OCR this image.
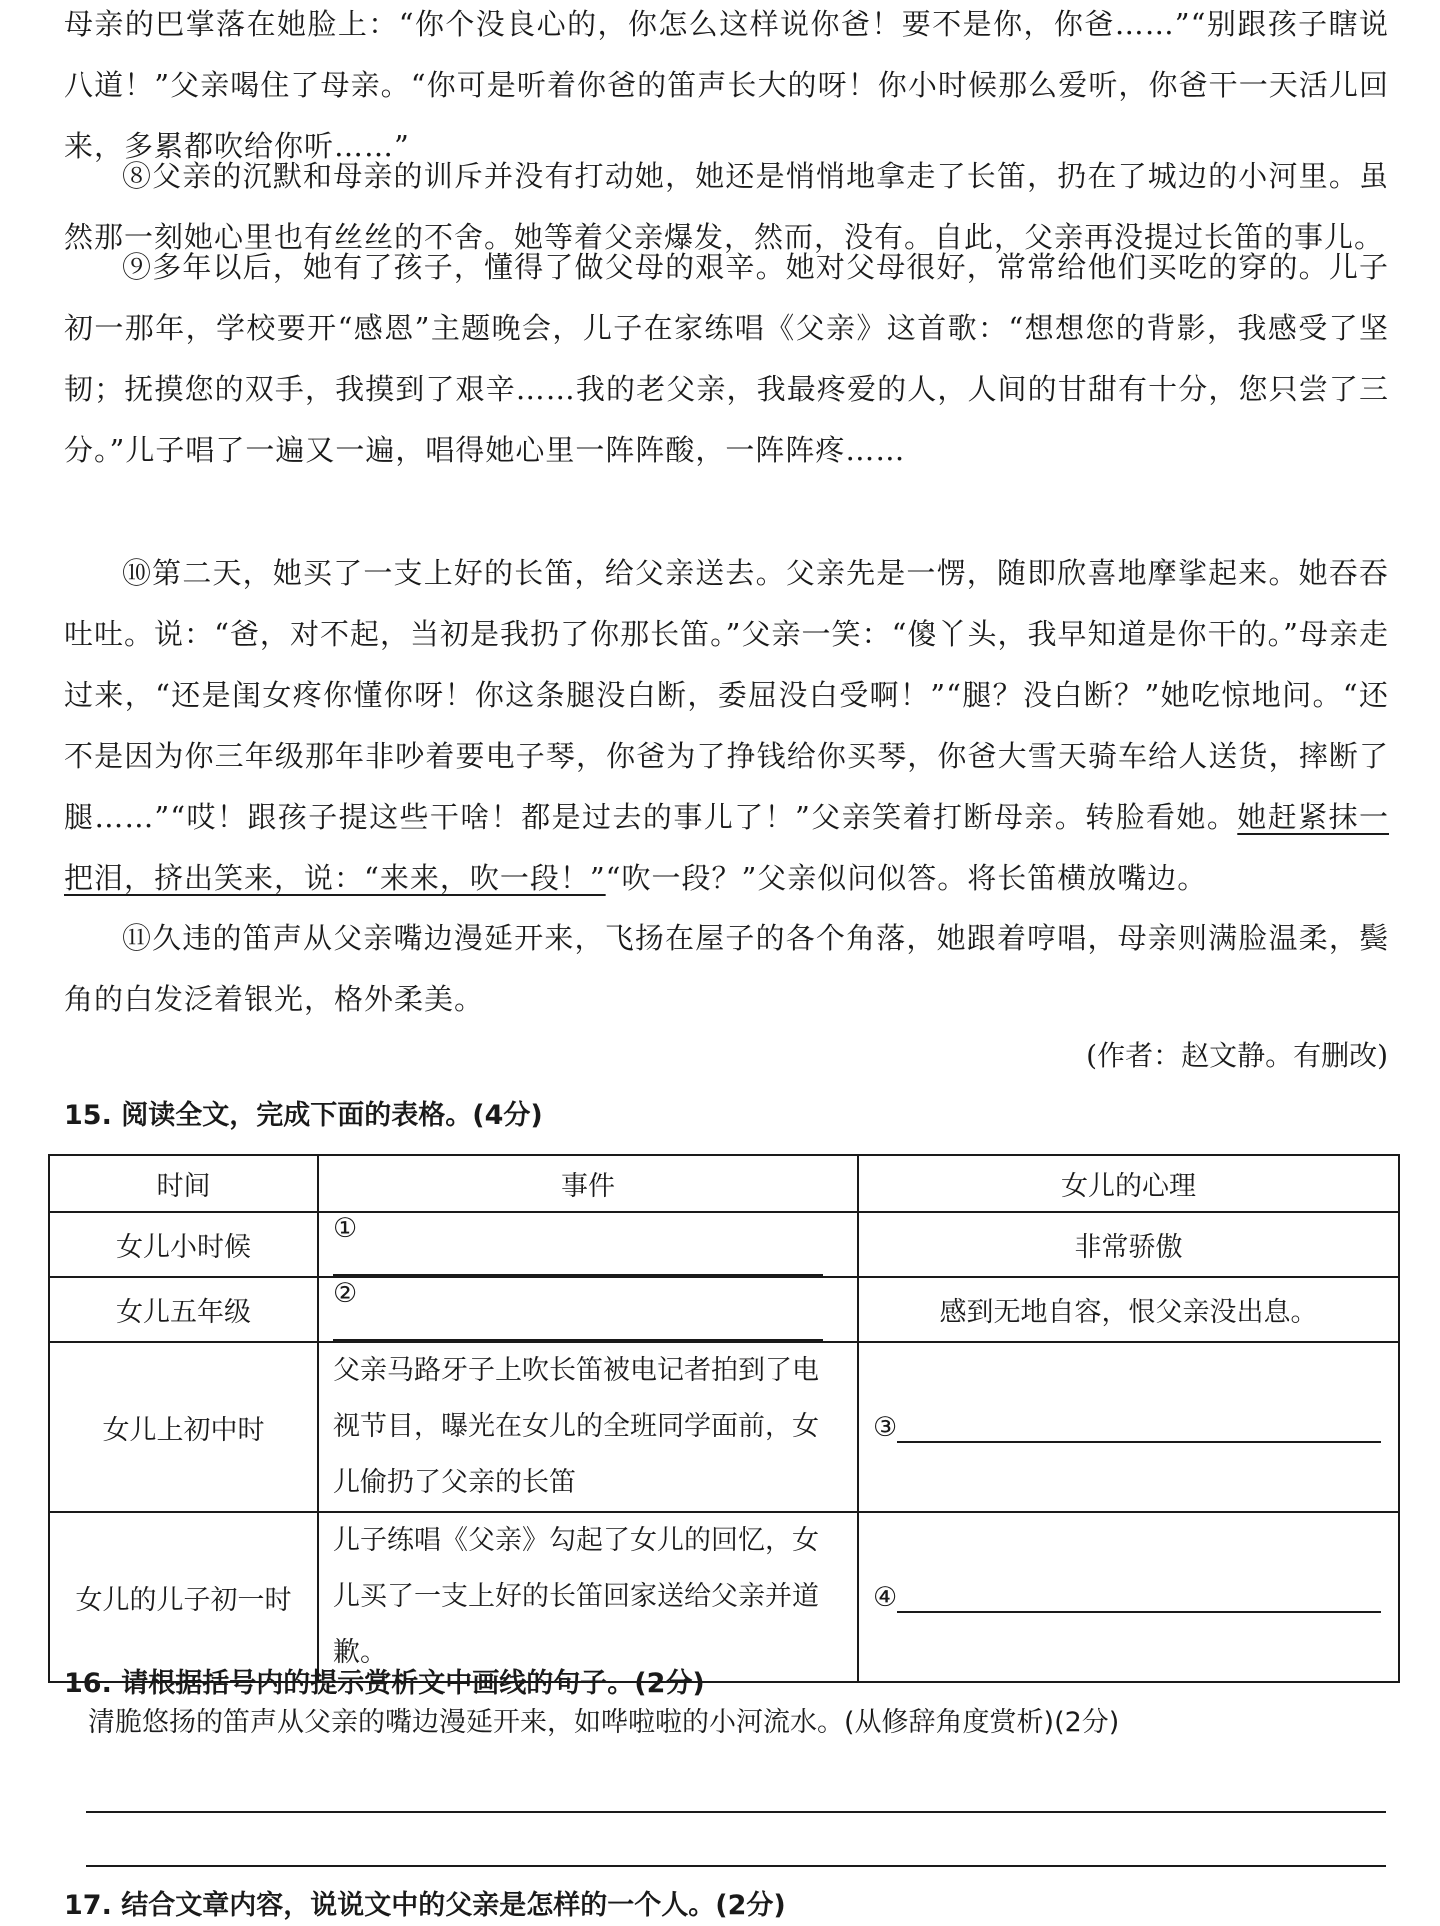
母亲的巴掌落在她脸上：“你个没良心的，你怎么这样说你爸！要不是你，你爸……”“别跟孩子瞎说八道！”父亲喝住了母亲。“你可是听着你爸的笛声长大的呀！你小时候那么爱听，你爸干一天活儿回来，多累都吹给你听……”

⑧父亲的沉默和母亲的训斥并没有打动她，她还是悄悄地拿走了长笛，扔在了城边的小河里。虽然那一刻她心里也有丝丝的不舍。她等着父亲爆发，然而，没有。自此，父亲再没提过长笛的事儿。

⑨多年以后，她有了孩子，懂得了做父母的艰辛。她对父母很好，常常给他们买吃的穿的。儿子初一那年，学校要开“感恩”主题晚会，儿子在家练唱《父亲》这首歌：“想想您的背影，我感受了坚韧；抚摸您的双手，我摸到了艰辛……我的老父亲，我最疼爱的人，人间的甘甜有十分，您只尝了三分。”儿子唱了一遍又一遍，唱得她心里一阵阵酸，一阵阵疼……

⑩第二天，她买了一支上好的长笛，给父亲送去。父亲先是一愣，随即欣喜地摩挲起来。她吞吞吐吐。说：“爸，对不起，当初是我扔了你那长笛。”父亲一笑：“傻丫头，我早知道是你干的。”母亲走过来，“还是闺女疼你懂你呀！你这条腿没白断，委屈没白受啊！”“腿？没白断？”她吃惊地问。“还不是因为你三年级那年非吵着要电子琴，你爸为了挣钱给你买琴，你爸大雪天骑车给人送货，摔断了腿……”“哎！跟孩子提这些干啥！都是过去的事儿了！”父亲笑着打断母亲。转脸看她。她赶紧抹一把泪，挤出笑来，说：“来来，吹一段！”“吹一段？”父亲似问似答。将长笛横放嘴边。

⑪久违的笛声从父亲嘴边漫延开来，飞扬在屋子的各个角落，她跟着哼唱，母亲则满脸温柔，鬓角的白发泛着银光，格外柔美。

(作者：赵文静。有删改)

15. 阅读全文，完成下面的表格。(4分)

时间	事件	女儿的心理
女儿小时候	①	非常骄傲
女儿五年级	②	感到无地自容，恨父亲没出息。
女儿上初中时	父亲马路牙子上吹长笛被电记者拍到了电视节目，曝光在女儿的全班同学面前，女儿偷扔了父亲的长笛	③
女儿的儿子初一时	儿子练唱《父亲》勾起了女儿的回忆，女儿买了一支上好的长笛回家送给父亲并道歉。	④

16. 请根据括号内的提示赏析文中画线的句子。(2分)

清脆悠扬的笛声从父亲的嘴边漫延开来，如哗啦啦的小河流水。(从修辞角度赏析)(2分)

17. 结合文章内容，说说文中的父亲是怎样的一个人。(2分)
